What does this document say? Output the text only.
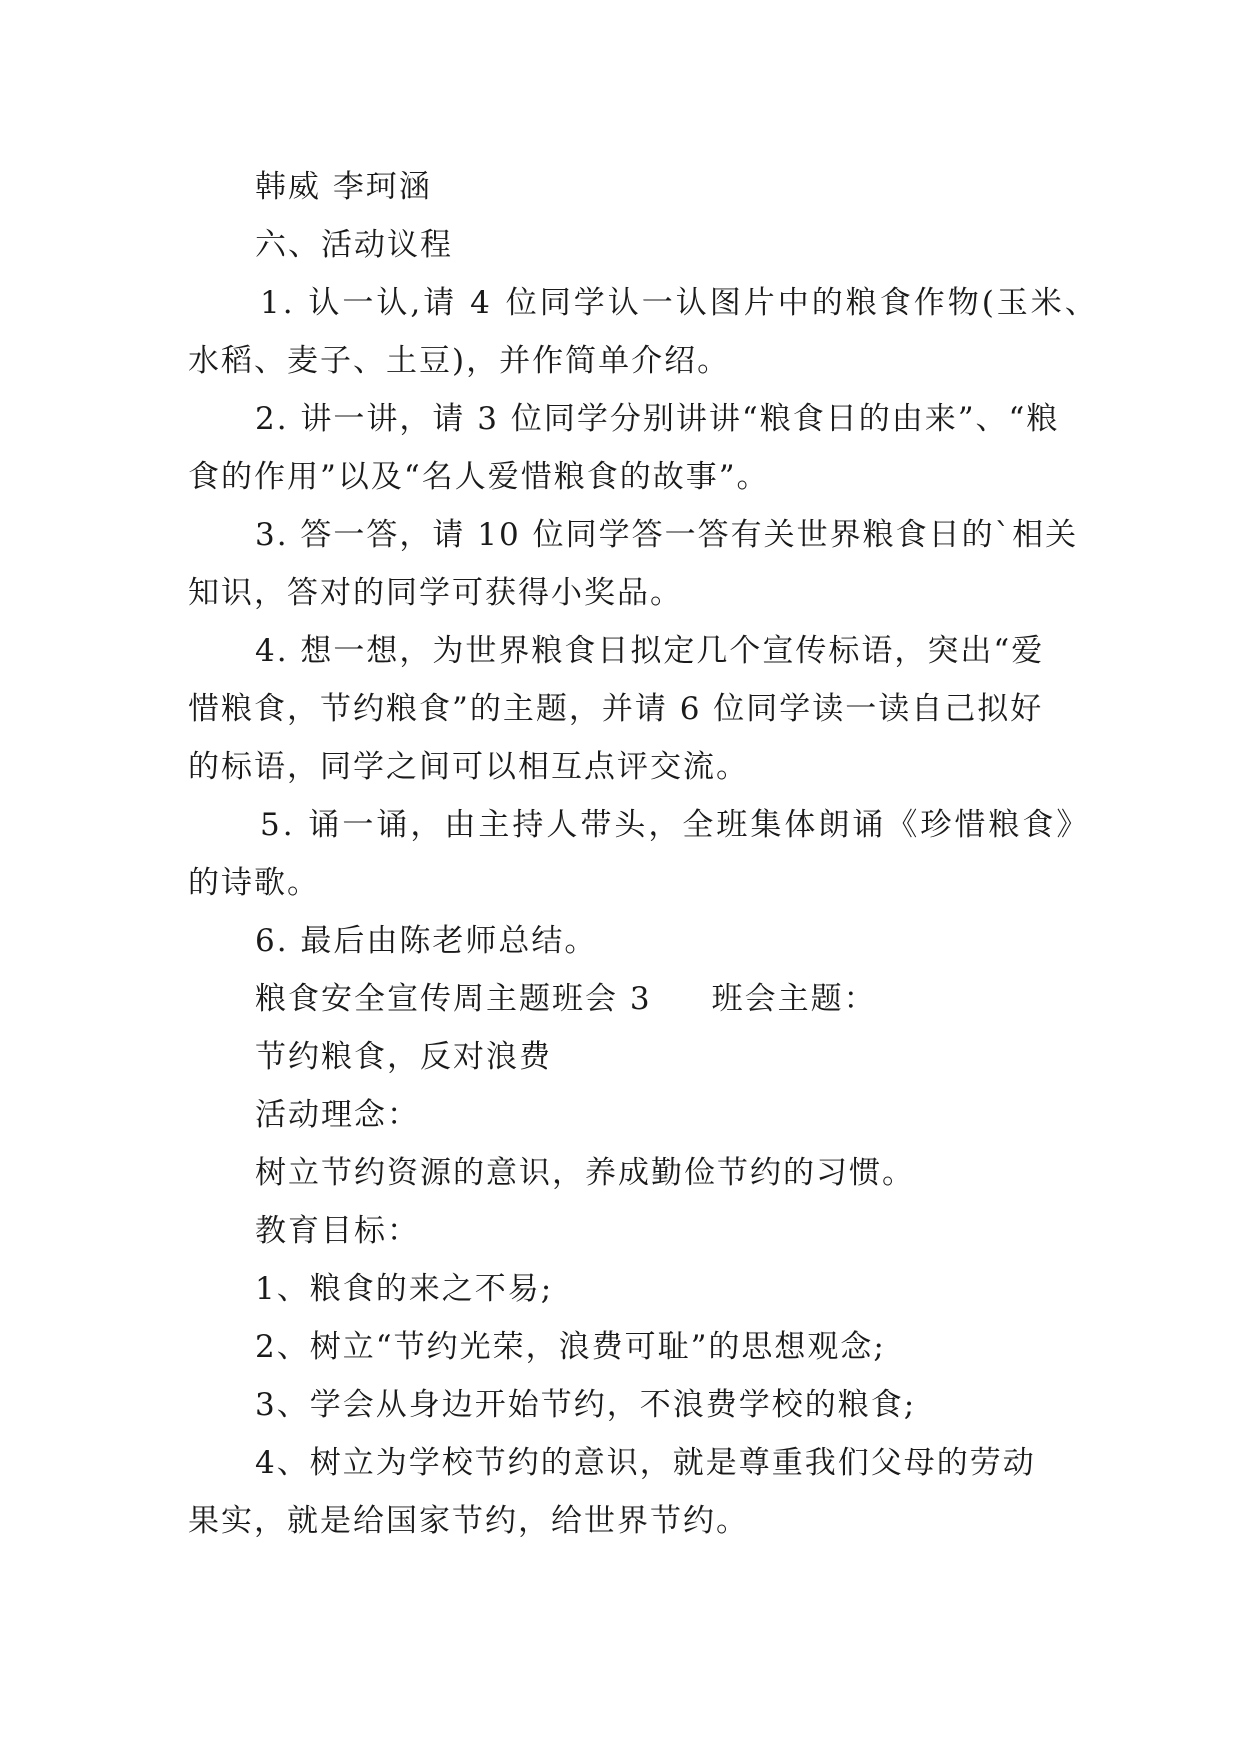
韩威 李珂涵
六、活动议程
1. 认一认,请 4 位同学认一认图片中的粮食作物(玉米、
水稻、麦子、土豆)，并作简单介绍。
2. 讲一讲，请 3 位同学分别讲讲“粮食日的由来”、“粮
食的作用”以及“名人爱惜粮食的故事”。
3. 答一答，请 10 位同学答一答有关世界粮食日的`相关
知识，答对的同学可获得小奖品。
4. 想一想，为世界粮食日拟定几个宣传标语，突出“爱
惜粮食，节约粮食”的主题，并请 6 位同学读一读自己拟好
的标语，同学之间可以相互点评交流。
5. 诵一诵，由主持人带头，全班集体朗诵《珍惜粮食》
的诗歌。
6. 最后由陈老师总结。
粮食安全宣传周主题班会 3 班会主题：
节约粮食，反对浪费
活动理念：
树立节约资源的意识，养成勤俭节约的习惯。
教育目标：
1、粮食的来之不易;
2、树立“节约光荣，浪费可耻”的思想观念;
3、学会从身边开始节约，不浪费学校的粮食;
4、树立为学校节约的意识，就是尊重我们父母的劳动
果实，就是给国家节约，给世界节约。
